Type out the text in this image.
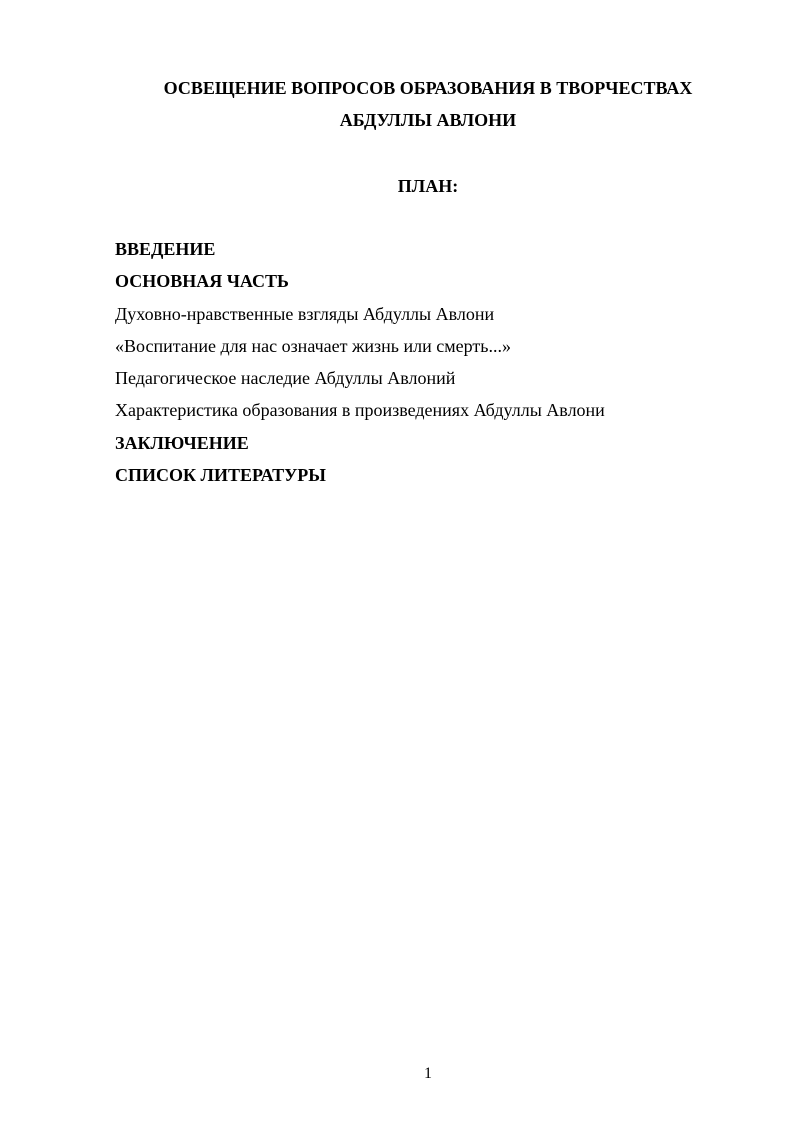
ОСВЕЩЕНИЕ ВОПРОСОВ ОБРАЗОВАНИЯ В ТВОРЧЕСТВАХ
АБДУЛЛЫ АВЛОНИ
ПЛАН:
ВВЕДЕНИЕ
ОСНОВНАЯ ЧАСТЬ
Духовно-нравственные взгляды Абдуллы Авлони
«Воспитание для нас означает жизнь или смерть...»
Педагогическое наследие Абдуллы Авлоний
Характеристика образования в произведениях Абдуллы Авлони
ЗАКЛЮЧЕНИЕ
СПИСОК ЛИТЕРАТУРЫ
1
